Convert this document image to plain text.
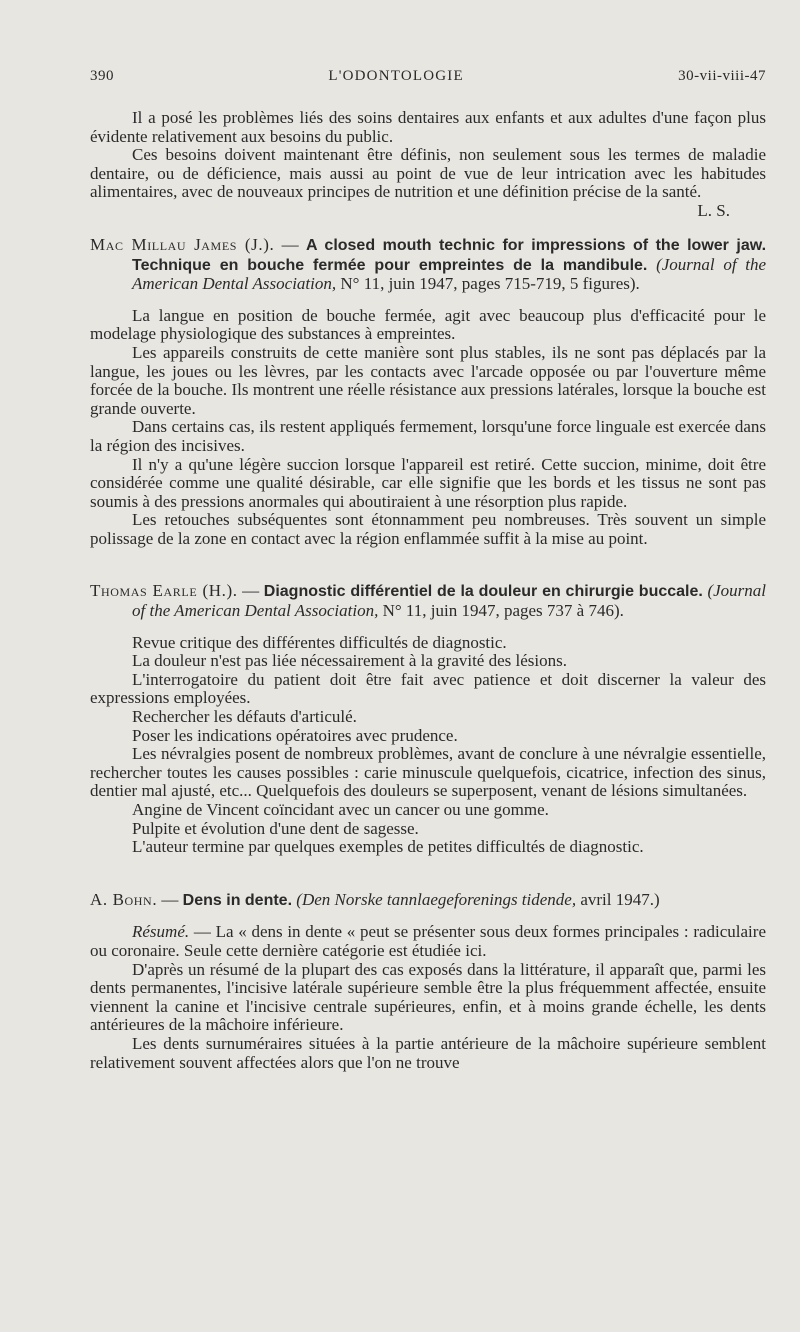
390	L'ODONTOLOGIE	30-vii-viii-47

Il a posé les problèmes liés des soins dentaires aux enfants et aux adultes d'une façon plus évidente relativement aux besoins du public.

Ces besoins doivent maintenant être définis, non seulement sous les termes de maladie dentaire, ou de déficience, mais aussi au point de vue de leur intrication avec les habitudes alimentaires, avec de nouveaux principes de nutrition et une définition précise de la santé.
L. S.

Mac Millau James (J.). — A closed mouth technic for impressions of the lower jaw. Technique en bouche fermée pour empreintes de la mandibule. (Journal of the American Dental Association, N° 11, juin 1947, pages 715-719, 5 figures).

La langue en position de bouche fermée, agit avec beaucoup plus d'efficacité pour le modelage physiologique des substances à empreintes.

Les appareils construits de cette manière sont plus stables, ils ne sont pas déplacés par la langue, les joues ou les lèvres, par les contacts avec l'arcade opposée ou par l'ouverture même forcée de la bouche. Ils montrent une réelle résistance aux pressions latérales, lorsque la bouche est grande ouverte.

Dans certains cas, ils restent appliqués fermement, lorsqu'une force linguale est exercée dans la région des incisives.

Il n'y a qu'une légère succion lorsque l'appareil est retiré. Cette succion, minime, doit être considérée comme une qualité désirable, car elle signifie que les bords et les tissus ne sont pas soumis à des pressions anormales qui aboutiraient à une résorption plus rapide.

Les retouches subséquentes sont étonnamment peu nombreuses. Très souvent un simple polissage de la zone en contact avec la région enflammée suffit à la mise au point.

Thomas Earle (H.). — Diagnostic différentiel de la douleur en chirurgie buccale. (Journal of the American Dental Association, N° 11, juin 1947, pages 737 à 746).

Revue critique des différentes difficultés de diagnostic.

La douleur n'est pas liée nécessairement à la gravité des lésions.

L'interrogatoire du patient doit être fait avec patience et doit discerner la valeur des expressions employées.

Rechercher les défauts d'articulé.

Poser les indications opératoires avec prudence.

Les névralgies posent de nombreux problèmes, avant de conclure à une névralgie essentielle, rechercher toutes les causes possibles : carie minuscule quelquefois, cicatrice, infection des sinus, dentier mal ajusté, etc... Quelquefois des douleurs se superposent, venant de lésions simultanées.

Angine de Vincent coïncidant avec un cancer ou une gomme.

Pulpite et évolution d'une dent de sagesse.

L'auteur termine par quelques exemples de petites difficultés de diagnostic.

A. Bohn. — Dens in dente. (Den Norske tannlaegeforenings tidende, avril 1947.)

Résumé. — La « dens in dente « peut se présenter sous deux formes principales : radiculaire ou coronaire. Seule cette dernière catégorie est étudiée ici.

D'après un résumé de la plupart des cas exposés dans la littérature, il apparaît que, parmi les dents permanentes, l'incisive latérale supérieure semble être la plus fréquemment affectée, ensuite viennent la canine et l'incisive centrale supérieures, enfin, et à moins grande échelle, les dents antérieures de la mâchoire inférieure.

Les dents surnuméraires situées à la partie antérieure de la mâchoire supérieure semblent relativement souvent affectées alors que l'on ne trouve
